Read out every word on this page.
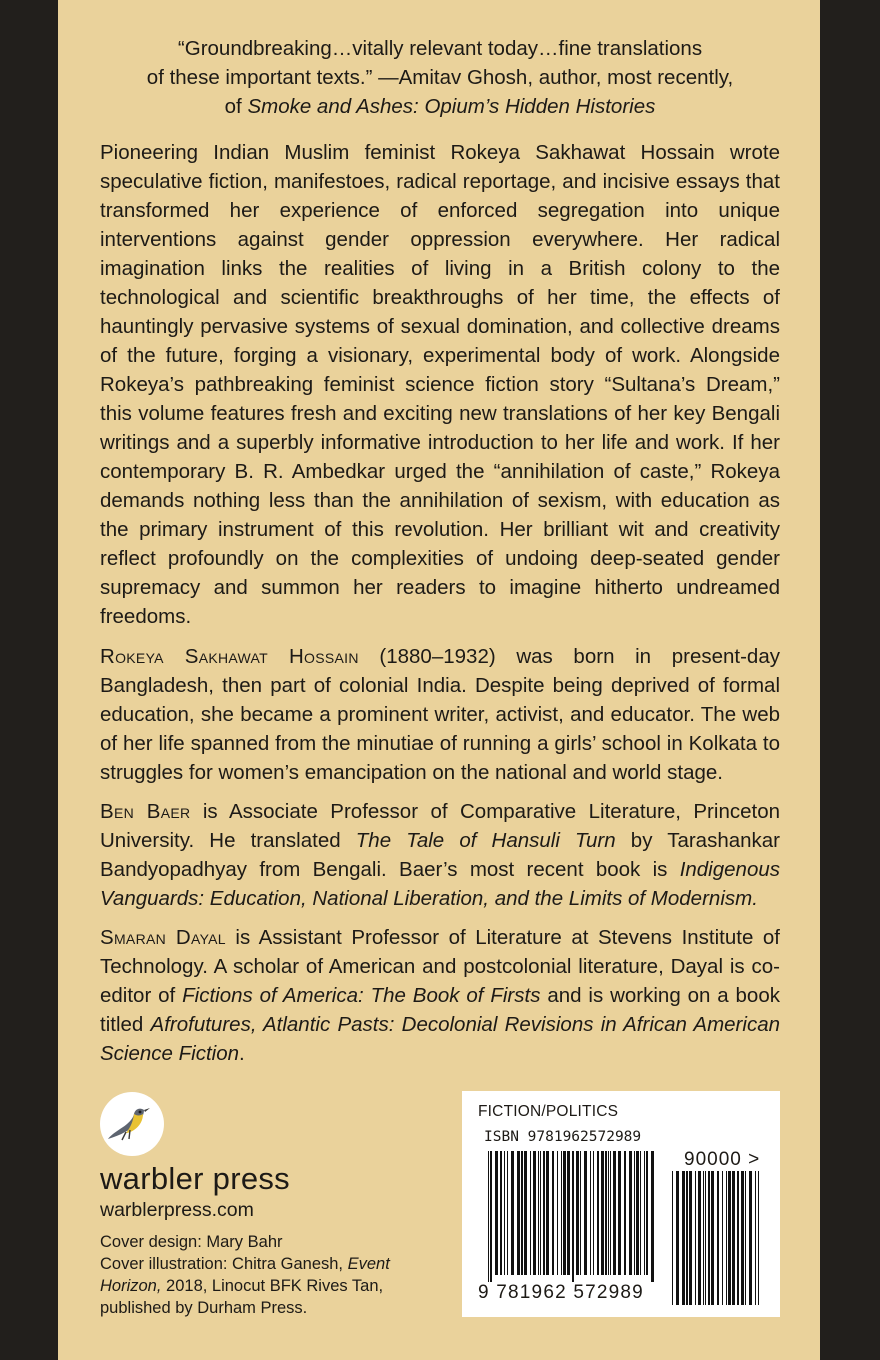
“Groundbreaking…vitally relevant today…fine translations
of these important texts.” —Amitav Ghosh, author, most recently,
of Smoke and Ashes: Opium’s Hidden Histories

Pioneering Indian Muslim feminist Rokeya Sakhawat Hossain wrote speculative fiction, manifestoes, radical reportage, and incisive essays that transformed her experience of enforced segregation into unique interventions against gender oppression everywhere. Her radical imagination links the realities of living in a British colony to the technological and scientific breakthroughs of her time, the effects of hauntingly pervasive systems of sexual domination, and collective dreams of the future, forging a visionary, experimental body of work. Alongside Rokeya’s pathbreaking feminist science fiction story “Sultana’s Dream,” this volume features fresh and exciting new translations of her key Bengali writings and a superbly informative introduction to her life and work. If her contemporary B. R. Ambedkar urged the “annihilation of caste,” Rokeya demands nothing less than the annihilation of sexism, with education as the primary instrument of this revolution. Her brilliant wit and creativity reflect profoundly on the complexities of undoing deep-seated gender supremacy and summon her readers to imagine hitherto undreamed freedoms.

Rokeya Sakhawat Hossain (1880–1932) was born in present-day Bangladesh, then part of colonial India. Despite being deprived of formal education, she became a prominent writer, activist, and educator. The web of her life spanned from the minutiae of running a girls’ school in Kolkata to struggles for women’s emancipation on the national and world stage.

Ben Baer is Associate Professor of Comparative Literature, Princeton University. He translated The Tale of Hansuli Turn by Tarashankar Bandyopadhyay from Bengali. Baer’s most recent book is Indigenous Vanguards: Education, National Liberation, and the Limits of Modernism.

Smaran Dayal is Assistant Professor of Literature at Stevens Institute of Technology. A scholar of American and postcolonial literature, Dayal is co-editor of Fictions of America: The Book of Firsts and is working on a book titled Afrofutures, Atlantic Pasts: Decolonial Revisions in African American Science Fiction.

warbler press
warblerpress.com
Cover design: Mary Bahr
Cover illustration: Chitra Ganesh, Event Horizon, 2018, Linocut BFK Rives Tan, published by Durham Press.
FICTION/POLITICS
ISBN 9781962572989
90000 >
9 781962 572989
